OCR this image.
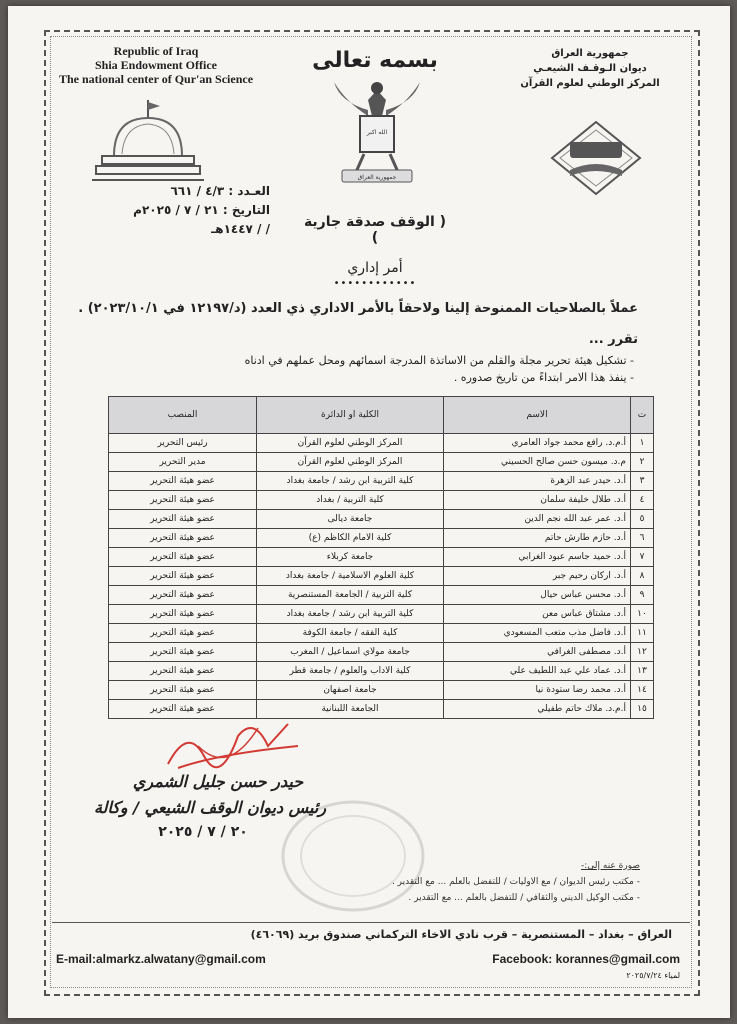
Republic of Iraq
Shia Endowment Office
The national center of Qur'an Science
جمهورية العراق
ديوان الـوقـف الشيعـي
المركز الوطني لعلوم القرآن
بسمه تعالى
الله اكبر
جمهورية العراق
العـدد : ٤/٣ / ٦٦١
التاريخ : ٢١ / ٧ / ٢٠٢٥م
/ / ١٤٤٧هـ ( الوقف صدقة جارية )
أمر إداري
••••••••••••
عملاً بالصلاحيات الممنوحة إلينا ولاحقاً بالأمر الاداري ذي العدد (د/١٢١٩٧ في ٢٠٢٣/١٠/١) .
تقرر ...
- تشكيل هيئة تحرير مجلة والقلم من الاساتذة المدرجة اسمائهم ومحل عملهم في ادناه
- ينفذ هذا الامر ابتداءً من تاريخ صدوره .
ت	الاسم	الكلية او الدائرة	المنصب
١	أ.م.د. رافع محمد جواد العامري	المركز الوطني لعلوم القرآن	رئيس التحرير
٢	م.د. ميسون حسن صالح الحسيني	المركز الوطني لعلوم القرآن	مدير التحرير
٣	أ.د. حيدر عبد الزهرة	كلية التربية ابن رشد / جامعة بغداد	عضو هيئة التحرير
٤	أ.د. طلال خليفة سلمان	كلية التربية / بغداد	عضو هيئة التحرير
٥	أ.د. عمر عبد الله نجم الدين	جامعة ديالى	عضو هيئة التحرير
٦	أ.د. حازم طارش حاتم	كلية الامام الكاظم (ع)	عضو هيئة التحرير
٧	أ.د. حميد جاسم عبود الغرابي	جامعة كربلاء	عضو هيئة التحرير
٨	أ.د. اركان رحيم جبر	كلية العلوم الاسلامية / جامعة بغداد	عضو هيئة التحرير
٩	أ.د. محسن عباس حيال	كلية التربية / الجامعة المستنصرية	عضو هيئة التحرير
١٠	أ.د. مشتاق عباس معن	كلية التربية ابن رشد / جامعة بغداد	عضو هيئة التحرير
١١	أ.د. فاضل مذب متعب المسعودي	كلية الفقه / جامعة الكوفة	عضو هيئة التحرير
١٢	أ.د. مصطفى الغرافي	جامعة مولاي اسماعيل / المغرب	عضو هيئة التحرير
١٣	أ.د. عماد علي عبد اللطيف علي	كلية الاداب والعلوم / جامعة قطر	عضو هيئة التحرير
١٤	أ.د. محمد رضا ستودة نيا	جامعة اصفهان	عضو هيئة التحرير
١٥	أ.م.د. ملاك حاتم طفيلي	الجامعة اللبنانية	عضو هيئة التحرير
حيدر حسن جليل الشمري
رئيس ديوان الوقف الشيعي / وكالة
٢٠ / ٧ / ٢٠٢٥
صورة عنه إلى:-
- مكتب رئيس الديوان / مع الاوليات / للتفضل بالعلم ... مع التقدير .
- مكتب الوكيل الديني والثقافي / للتفضل بالعلم ... مع التقدير .
العراق – بغداد – المستنصرية – قرب نادي الاخاء التركماني صندوق بريد (٤٦٠٦٩)
E-mail:almarkz.alwatany@gmail.com	Facebook: korannes@gmail.com
لمياء ٢٠٢٥/٧/٢٤
